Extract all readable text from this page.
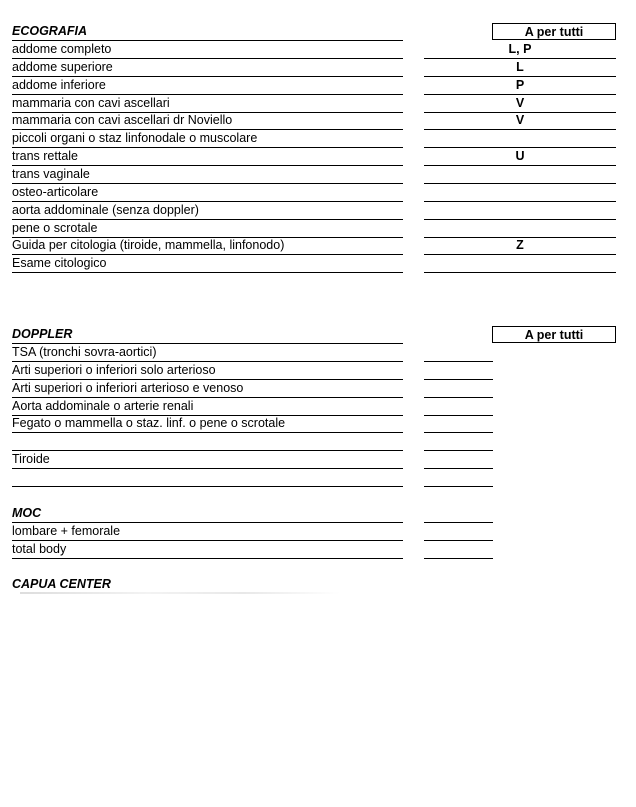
ECOGRAFIA	A per tutti
addome completo	L, P
addome superiore	L
addome inferiore	P
mammaria con cavi ascellari	V
mammaria con cavi ascellari dr Noviello	V
piccoli organi o staz linfonodale o muscolare
trans rettale	U
trans vaginale
osteo-articolare
aorta addominale (senza doppler)
pene o scrotale
Guida per citologia (tiroide, mammella, linfonodo)	Z
Esame citologico
DOPPLER	A per tutti
TSA (tronchi sovra-aortici)
Arti superiori o inferiori solo arterioso
Arti superiori o inferiori arterioso e venoso
Aorta addominale o arterie renali
Fegato o mammella o staz. linf. o pene o scrotale
Tiroide
MOC
lombare + femorale
total body
CAPUA CENTER
